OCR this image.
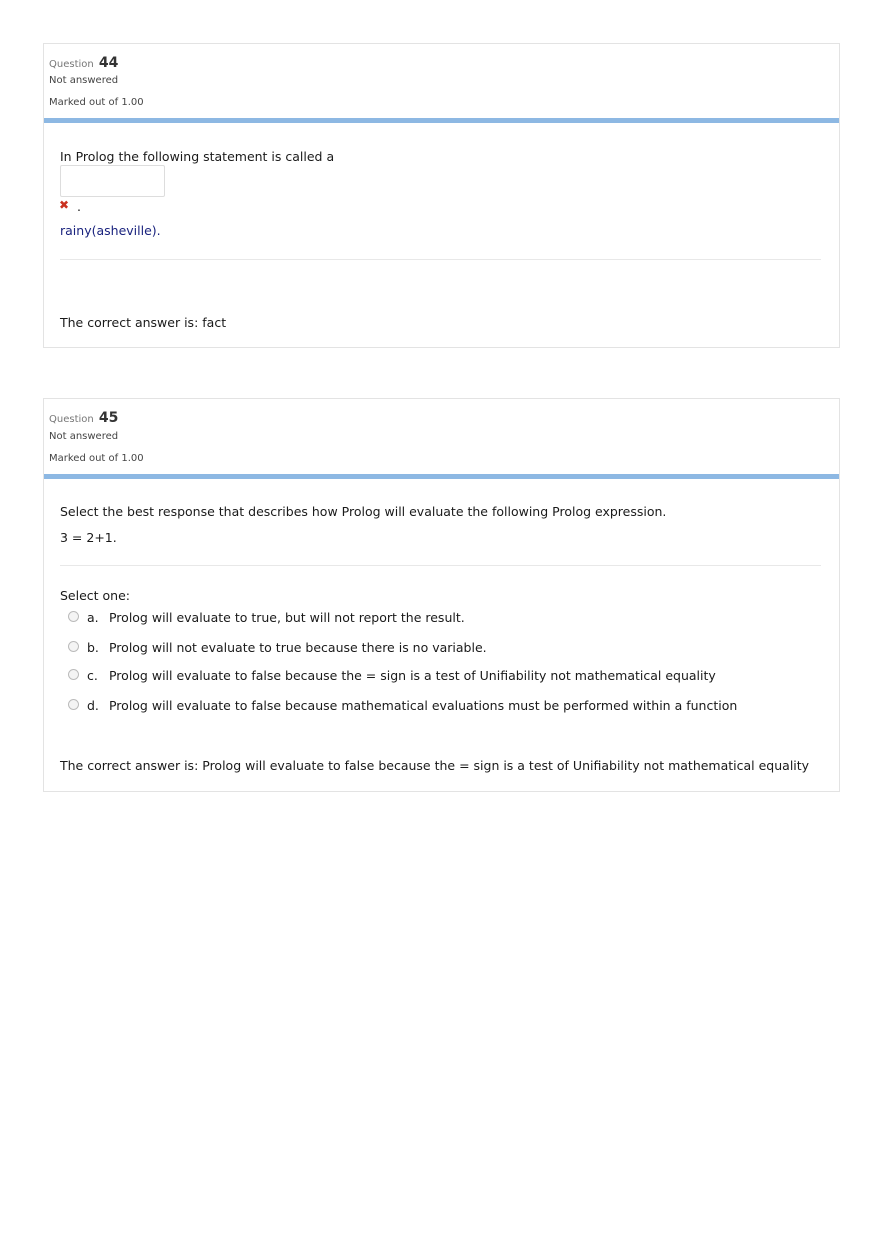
Question 44
Not answered
Marked out of 1.00
In Prolog the following statement is called a
✖ .
rainy(asheville).
The correct answer is: fact
Question 45
Not answered
Marked out of 1.00
Select the best response that describes how Prolog will evaluate the following Prolog expression.
3 = 2+1.
Select one:
a. Prolog will evaluate to true, but will not report the result.
b. Prolog will not evaluate to true because there is no variable.
c. Prolog will evaluate to false because the = sign is a test of Unifiability not mathematical equality
d. Prolog will evaluate to false because mathematical evaluations must be performed within a function
The correct answer is: Prolog will evaluate to false because the = sign is a test of Unifiability not mathematical equality
